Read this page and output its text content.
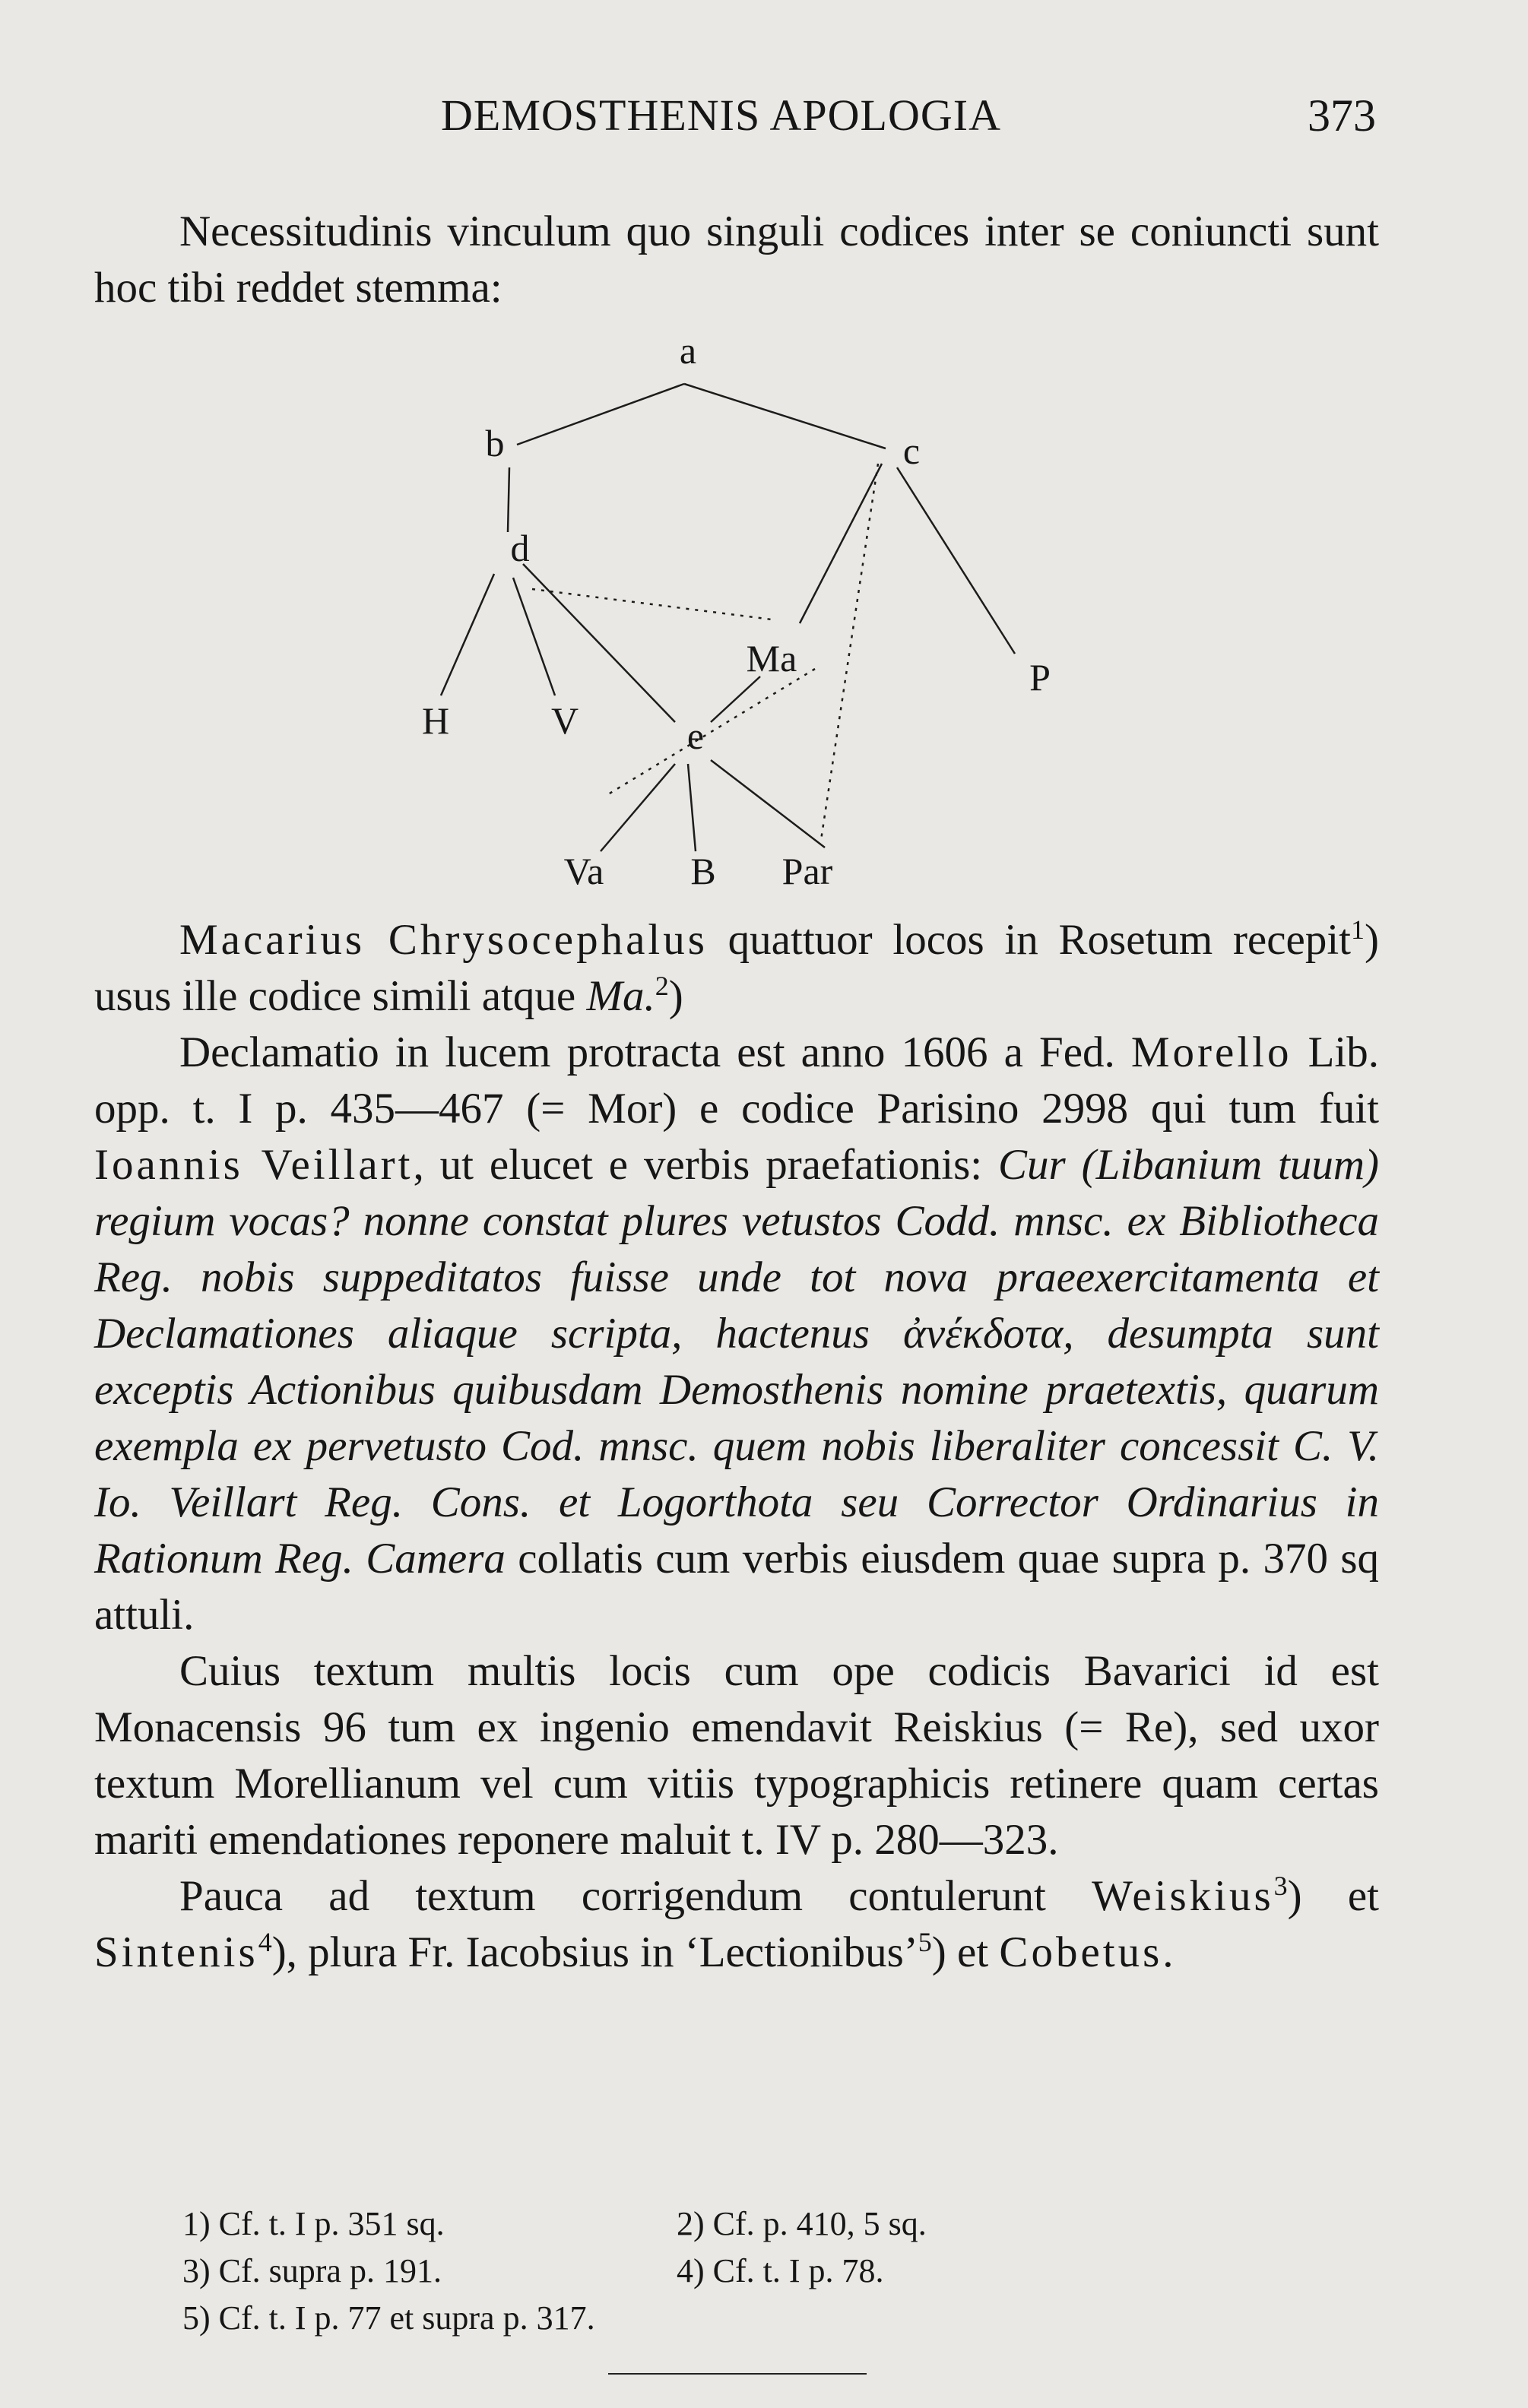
DEMOSTHENIS APOLOGIA	373

Necessitudinis vinculum quo singuli codices inter se coniuncti sunt hoc tibi reddet stemma:

a
b	c
d
Ma	P
H	V	e
Va B Par

Macarius Chrysocephalus quattuor locos in Rosetum recepit$^1$) usus ille codice simili atque Ma.$^2$)

Declamatio in lucem protracta est anno 1606 a Fed. Morello Lib. opp. t. I p. 435—467 (= Mor) e codice Parisino 2998 qui tum fuit Ioannis Veillart, ut elucet e verbis praefationis: Cur (Libanium tuum) regium vocas? nonne constat plures vetustos Codd. mnsc. ex Bibliotheca Reg. nobis suppeditatos fuisse unde tot nova praeexercitamenta et Declamationes aliaque scripta, hactenus ἀνέκδοτα, desumpta sunt exceptis Actionibus quibusdam Demosthenis nomine praetextis, quarum exempla ex pervetusto Cod. mnsc. quem nobis liberaliter concessit C. V. Io. Veillart Reg. Cons. et Logorthota seu Corrector Ordinarius in Rationum Reg. Camera collatis cum verbis eiusdem quae supra p. 370 sq attuli.

Cuius textum multis locis cum ope codicis Bavarici id est Monacensis 96 tum ex ingenio emendavit Reiskius (= Re), sed uxor textum Morellianum vel cum vitiis typographicis retinere quam certas mariti emendationes reponere maluit t. IV p. 280—323.

Pauca ad textum corrigendum contulerunt Weiskius$^3$) et Sintenis$^4$), plura Fr. Iacobsius in ‘Lectionibus’$^5$) et Cobetus.

1) Cf. t. I p. 351 sq.	2) Cf. p. 410, 5 sq.
3) Cf. supra p. 191.	4) Cf. t. I p. 78.
5) Cf. t. I p. 77 et supra p. 317.
